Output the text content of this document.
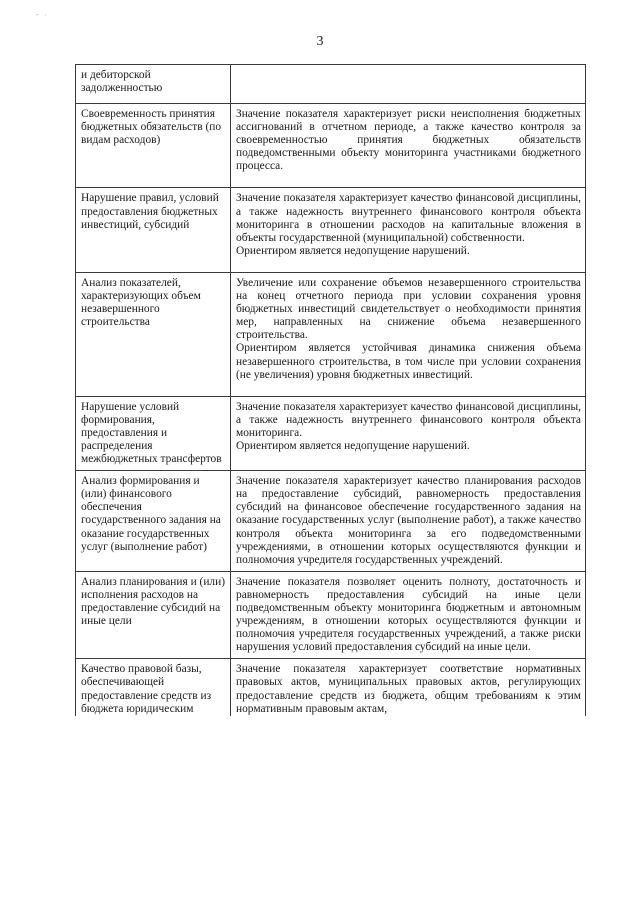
- ·
3
и дебиторской задолженностью	
Своевременность принятия бюджетных обязательств (по видам расходов)	Значение показателя характеризует риски неисполнения бюджетных ассигнований в отчетном периоде, а также качество контроля за своевременностью принятия бюджетных обязательств подведомственными объекту мониторинга участниками бюджетного процесса.
Нарушение правил, условий предоставления бюджетных инвестиций, субсидий	Значение показателя характеризует качество финансовой дисциплины, а также надежность внутреннего финансового контроля объекта мониторинга в отношении расходов на капитальные вложения в объекты государственной (муниципальной) собственности.
Ориентиром является недопущение нарушений.

Анализ показателей, характеризующих объем незавершенного строительства	Увеличение или сохранение объемов незавершенного строительства на конец отчетного периода при условии сохранения уровня бюджетных инвестиций свидетельствует о необходимости принятия мер, направленных на снижение объема незавершенного строительства.
Ориентиром является устойчивая динамика снижения объема незавершенного строительства, в том числе при условии сохранения (не увеличения) уровня бюджетных инвестиций.

Нарушение условий формирования, предоставления и распределения межбюджетных трансфертов	Значение показателя характеризует качество финансовой дисциплины, а также надежность внутреннего финансового контроля объекта мониторинга.
Ориентиром является недопущение нарушений.

Анализ формирования и (или) финансового обеспечения государственного задания на оказание государственных услуг (выполнение работ)	Значение показателя характеризует качество планирования расходов на предоставление субсидий, равномерность предоставления субсидий на финансовое обеспечение государственного задания на оказание государственных услуг (выполнение работ), а также качество контроля объекта мониторинга за его подведомственными учреждениями, в отношении которых осуществляются функции и полномочия учредителя государственных учреждений.
Анализ планирования и (или) исполнения расходов на предоставление субсидий на иные цели	Значение показателя позволяет оценить полноту, достаточность и равномерность предоставления субсидий на иные цели подведомственным объекту мониторинга бюджетным и автономным учреждениям, в отношении которых осуществляются функции и полномочия учредителя государственных учреждений, а также риски нарушения условий предоставления субсидий на иные цели.
Качество правовой базы, обеспечивающей предоставление средств из бюджета юридическим	Значение показателя характеризует соответствие нормативных правовых актов, муниципальных правовых актов, регулирующих предоставление средств из бюджета, общим требованиям к этим нормативным правовым актам,
